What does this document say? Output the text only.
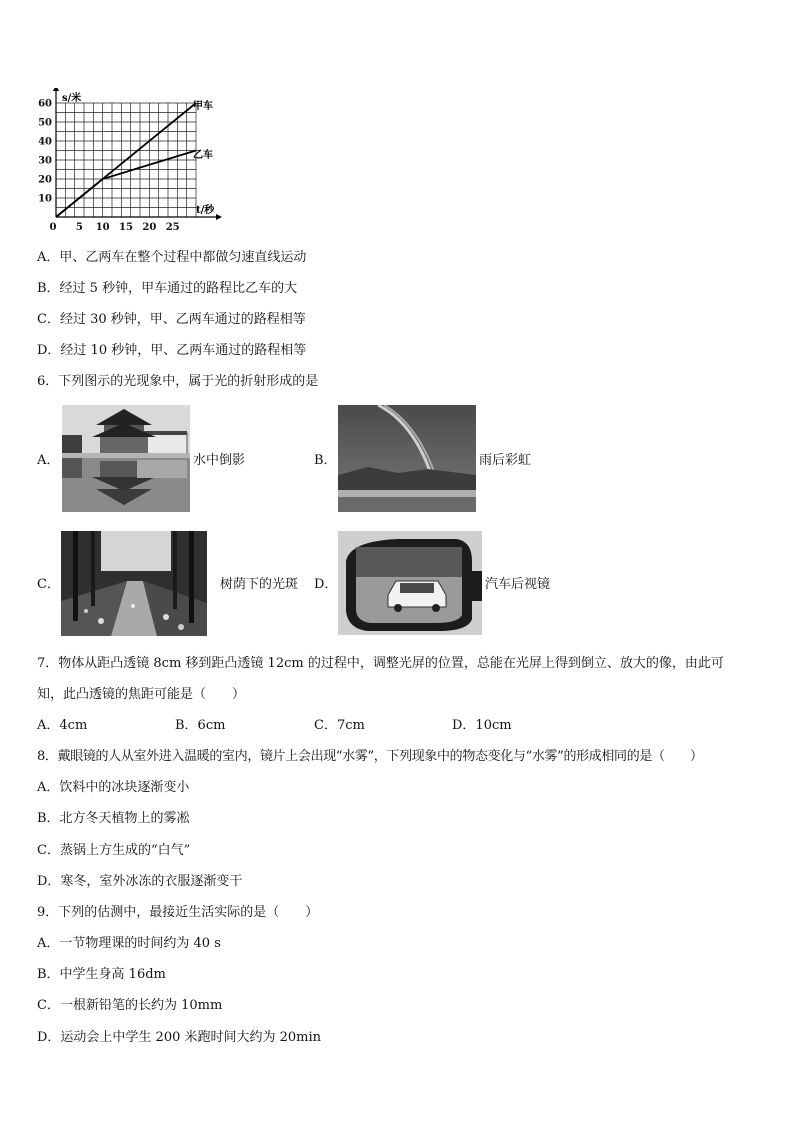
0 5 10 15 20 25
10
20
30
40
50
60 s/米
t/秒
甲车
乙车
A．甲、乙两车在整个过程中都做匀速直线运动
B．经过 5 秒钟，甲车通过的路程比乙车的大
C．经过 30 秒钟，甲、乙两车通过的路程相等
D．经过 10 秒钟，甲、乙两车通过的路程相等
6．下列图示的光现象中，属于光的折射形成的是
A．	水中倒影	B．	雨后彩虹
C．	树荫下的光斑 D．	汽车后视镜
7．物体从距凸透镜 8cm 移到距凸透镜 12cm 的过程中，调整光屏的位置，总能在光屏上得到倒立、放大的像，由此可
知，此凸透镜的焦距可能是（　　）
A．4cm	B．6cm	C．7cm	D．10cm
8．戴眼镜的人从室外进入温暖的室内，镜片上会出现“水雾”，下列现象中的物态变化与“水雾”的形成相同的是（　　）
A．饮料中的冰块逐渐变小
B．北方冬天植物上的雾凇
C．蒸锅上方生成的“白气”
D．寒冬，室外冰冻的衣服逐渐变干
9．下列的估测中，最接近生活实际的是（　　）
A．一节物理课的时间约为 40 s
B．中学生身高 16dm
C．一根新铅笔的长约为 10mm
D．运动会上中学生 200 米跑时间大约为 20min
